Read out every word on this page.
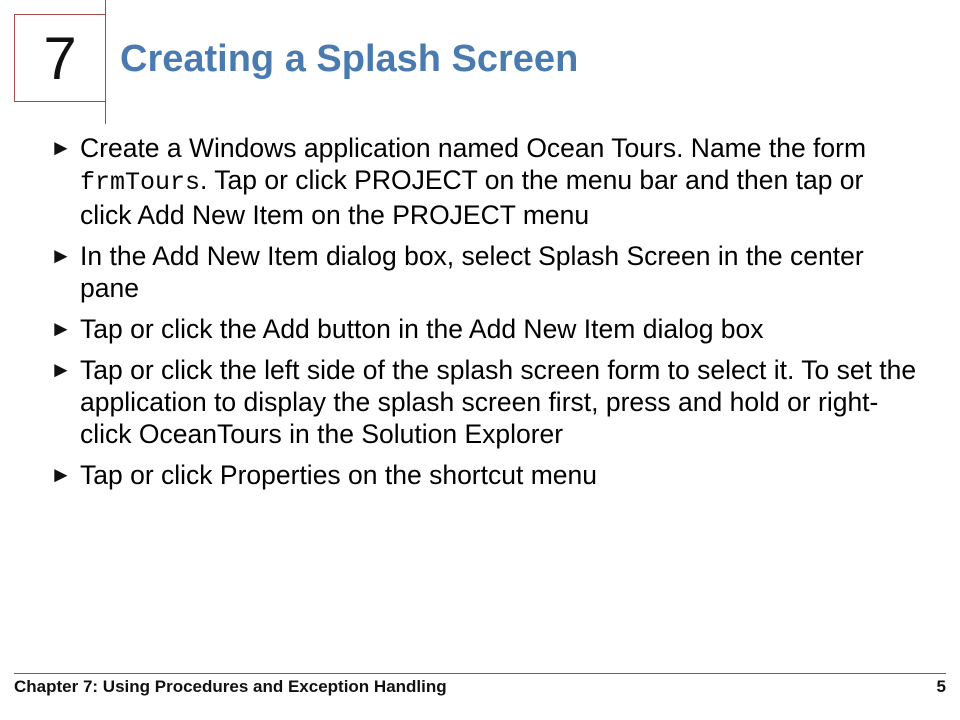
7 Creating a Splash Screen
► Create a Windows application named Ocean Tours. Name the form frmTours. Tap or click PROJECT on the menu bar and then tap or click Add New Item on the PROJECT menu
► In the Add New Item dialog box, select Splash Screen in the center pane
► Tap or click the Add button in the Add New Item dialog box
► Tap or click the left side of the splash screen form to select it. To set the application to display the splash screen first, press and hold or right-click OceanTours in the Solution Explorer
► Tap or click Properties on the shortcut menu
Chapter 7: Using Procedures and Exception Handling	5
